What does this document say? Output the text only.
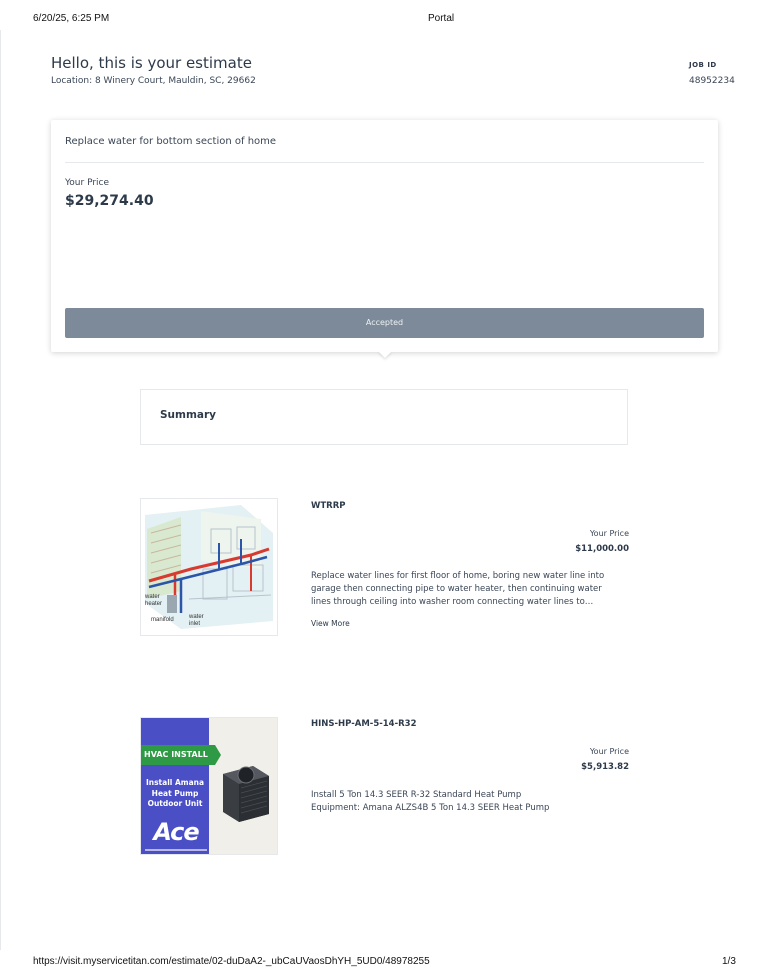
6/20/25, 6:25 PM	Portal
Hello, this is your estimate
Location: 8 Winery Court, Mauldin, SC, 29662
JOB ID
48952234
Replace water for bottom section of home
Your Price
$29,274.40
Accepted
Summary
water
heater
manifold	water
inlet
WTRRP
Your Price
$11,000.00
Replace water lines for first floor of home, boring new water line into
garage then connecting pipe to water heater, then continuing water
lines through ceiling into washer room connecting water lines to…
View More
HVAC INSTALL
Install Amana
Heat Pump
Outdoor Unit
Ace
HINS-HP-AM-5-14-R32
Your Price
$5,913.82
Install 5 Ton 14.3 SEER R-32 Standard Heat Pump
Equipment: Amana ALZS4B 5 Ton 14.3 SEER Heat Pump
https://visit.myservicetitan.com/estimate/02-duDaA2-_ubCaUVaosDhYH_5UD0/48978255	1/3
